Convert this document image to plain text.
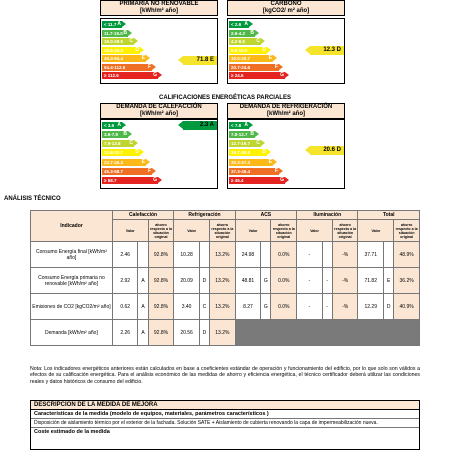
PRIMARIA NO RENOVABLE
[kWh/m² año]
CARBONO
[kgCO2/ m² año]
< 11.7 A
11.7-19.0 B
19.0-29.5 C
29.5-45.3 D
45.3-94.4	E
94.4-112.6	F
≥ 112.6	G
< 2.6 A
2.6-4.2 B
4.2-6.5 C
6.5-10.0	D
10.0-20.7	E
20.7-24.6	F
≥ 24.6	G
71.8 E
12.3 D
CALIFICACIONES ENERGÉTICAS PARCIALES
DEMANDA DE CALEFACCIÓN
[kWh/m² año]
DEMANDA DE REFRIGERACIÓN
[kWh/m² año]
< 3.6 A
3.6-7.9 B
7.9-13.8 C
13.8-22.7 D
22.7-45.3	E
45.3-58.7	F
≥ 58.7	G
< 7.8 A
7.8-12.7 B
12.7-19.7 C
19.7-30.3 D
30.3-37.3	E
37.3-45.4	F
≥ 45.4	G
2.3 A
20.6 D
ANÁLISIS TÉCNICO
Indicador	Calefacción			Refrigeración			ACS			Iluminación			Total		
	Valor		ahorro respecto a la situación original	Valor		ahorro respecto a la situación original	Valor		ahorro respecto a la situación original	Valor		ahorro respecto a la situación original	Valor		ahorro respecto a la situación original
Consumo Energía final [kWh/m² año]	2.46		92.8%	10.28		13.2%	24.98		0.0%	-		-%	37.71		48.9%
Consumo Energía primaria no renovable [kWh/m² año]	2.92	A	92.8%	20.09	D	13.2%	48.81	G	0.0%	-	-	-%	71.82	E	36.2%
Emisiones de CO2 [kgCO2/m² año]	0.62	A	92.8%	3.40	C	13.2%	8.27	G	0.0%	-	-	-%	12.29	D	40.9%
Demanda [kWh/m² año]	2.26	A	92.8%	20.56	D	13.2%									
Nota: Los indicadores energéticos anteriores están calculados en base a coeficientes estándar de operación y funcionamiento del edificio, por lo que solo son válidos a efectos de su calificación energética. Para el análisis económico de las medidas de ahorro y eficiencia energética, el técnico certificador deberá utilizar las condiciones reales y datos históricos de consumo del edificio.
DESCRIPCIÓN DE LA MEDIDA DE MEJORA
Características de la medida (modelo de equipos, materiales, parámetros característicos )
Disposición de aislamiento térmico por el exterior de la fachada. Solución SATE + Aislamiento de cubierta renovando la capa de impermeabilización nueva.
Coste estimado de la medida
